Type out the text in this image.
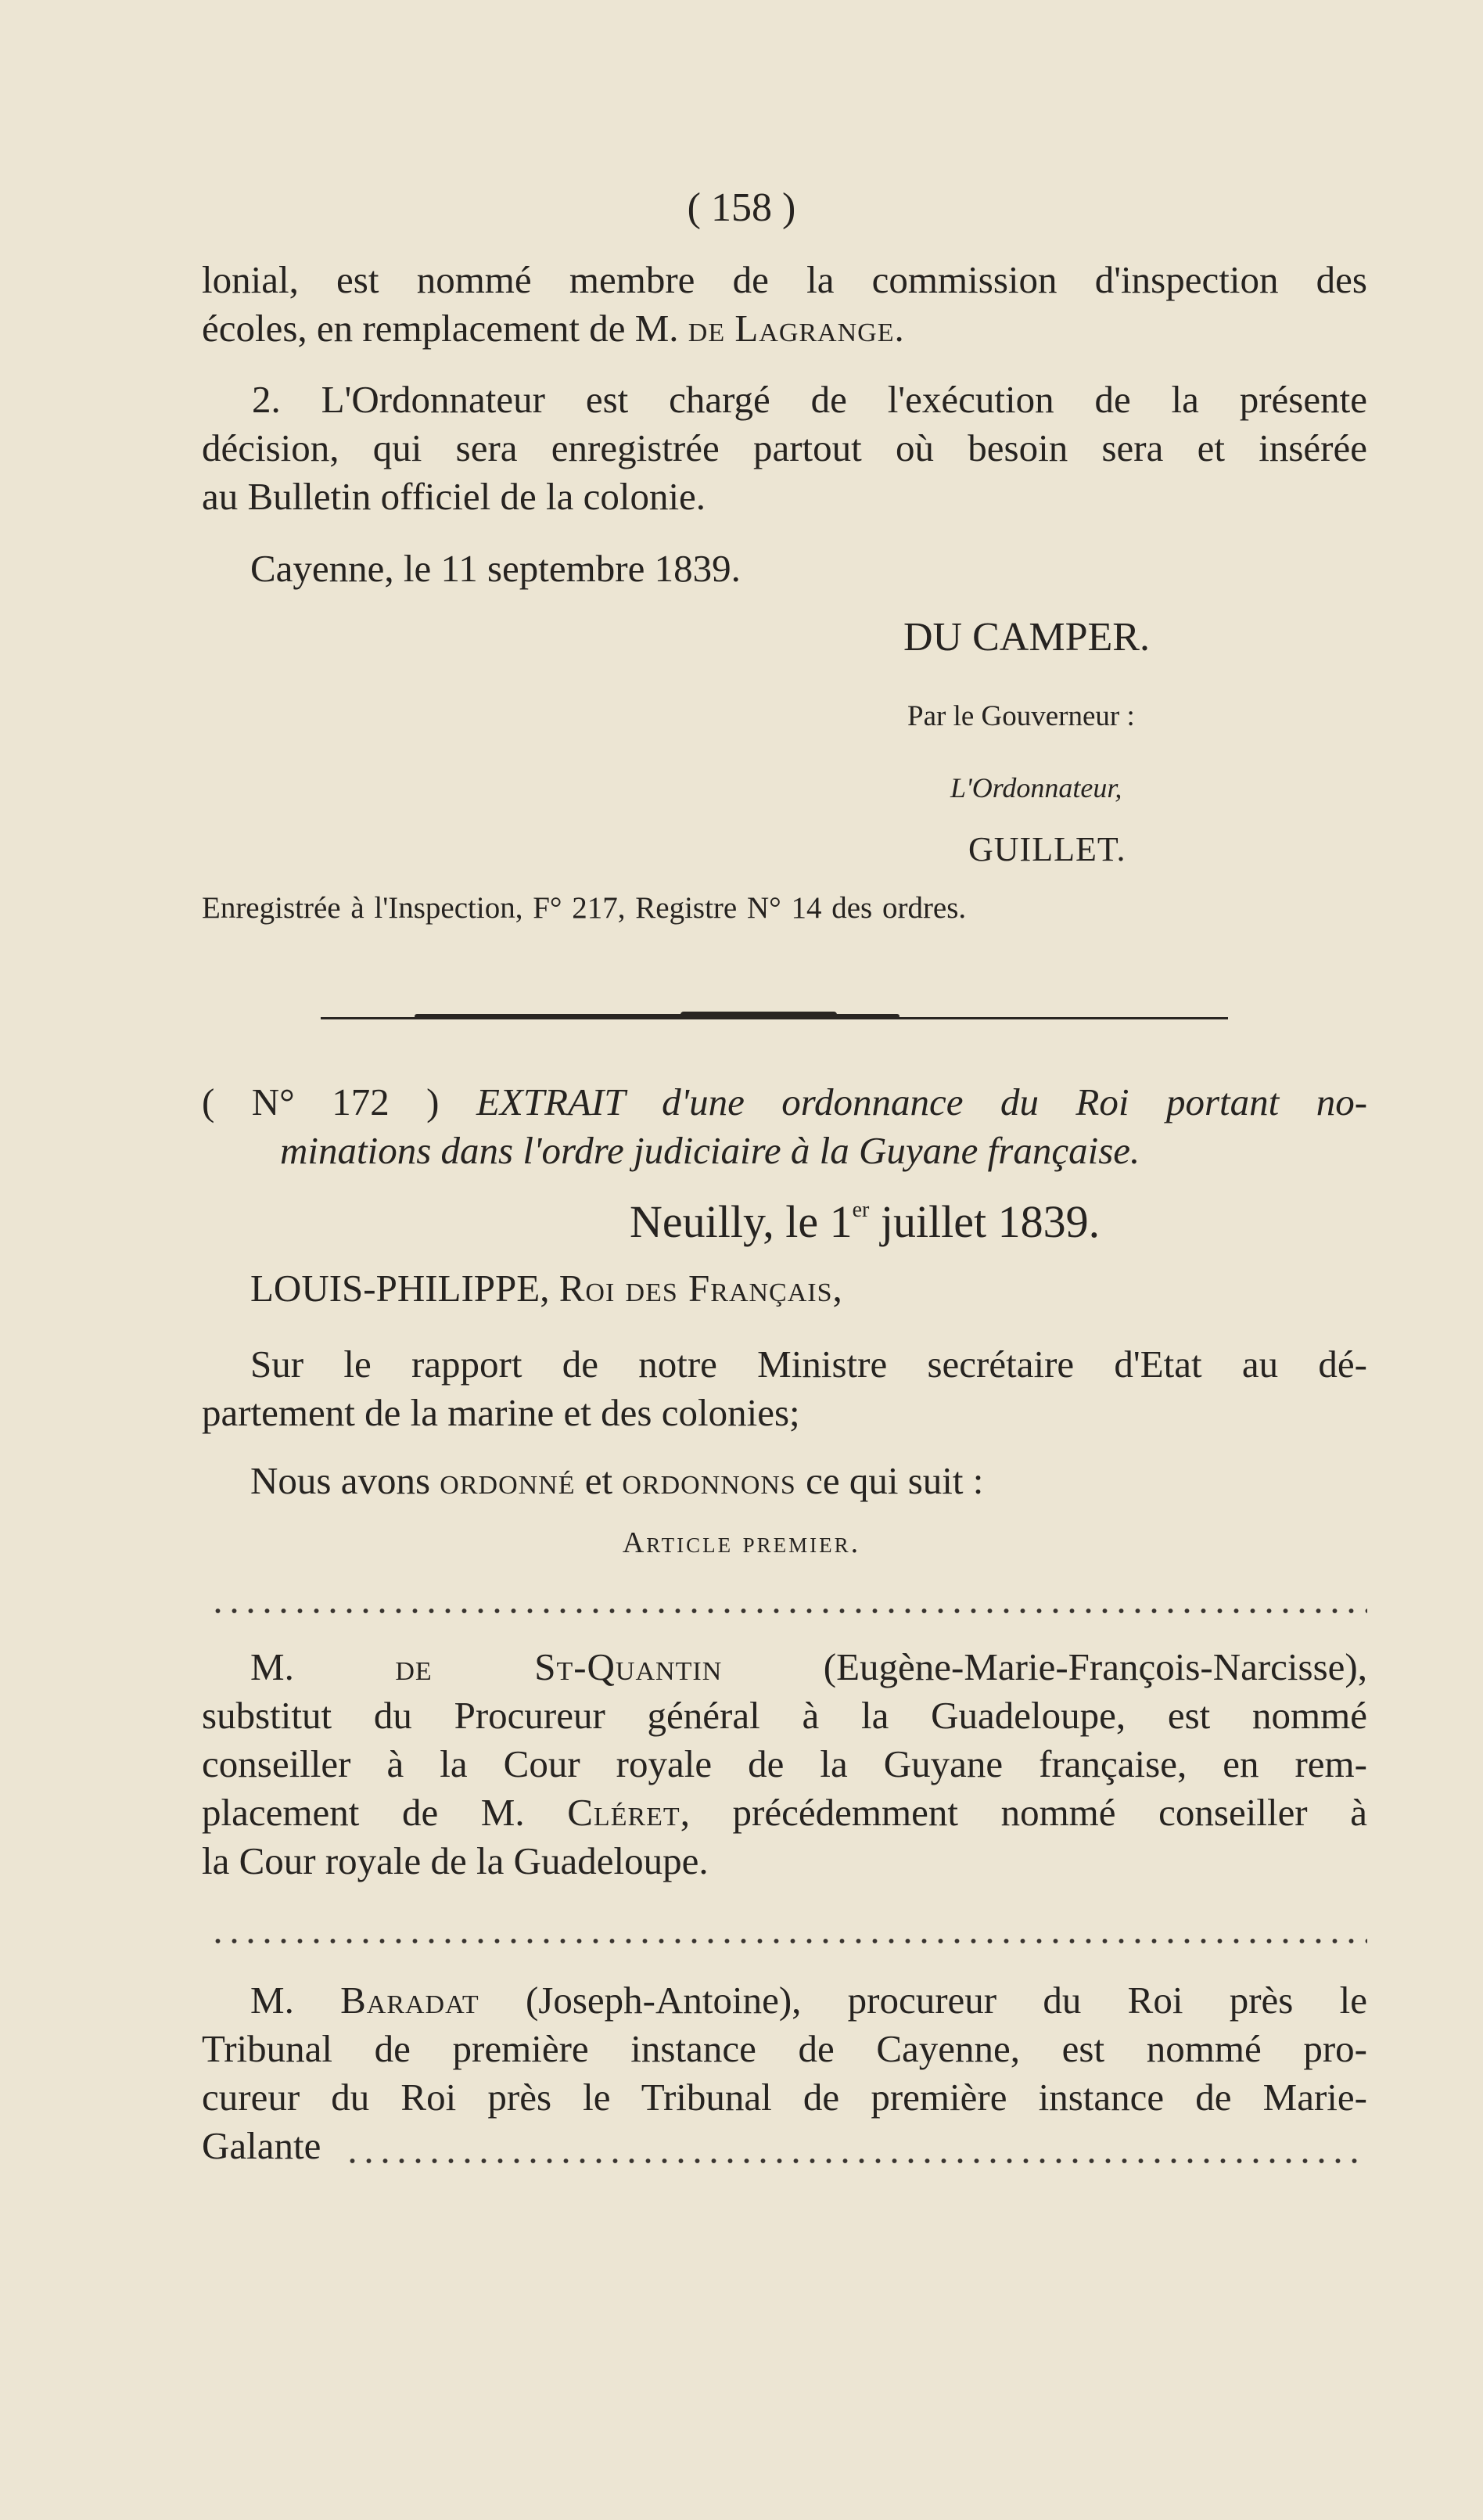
( 158 )

lonial, est nommé membre de la commission d'inspection des

écoles, en remplacement de M. de Lagrange.

2. L'Ordonnateur est chargé de l'exécution de la présente

décision, qui sera enregistrée partout où besoin sera et insérée

au Bulletin officiel de la colonie.

Cayenne, le 11 septembre 1839.
DU CAMPER.
Par le Gouverneur :
L'Ordonnateur,
GUILLET.
Enregistrée à l'Inspection, F° 217, Registre N° 14 des ordres.

( N° 172 ) EXTRAIT d'une ordonnance du Roi portant no-

minations dans l'ordre judiciaire à la Guyane française.

Neuilly, le 1er juillet 1839.
LOUIS-PHILIPPE, Roi des Français,

Sur le rapport de notre Ministre secrétaire d'Etat au dé-

partement de la marine et des colonies;

Nous avons ordonné et ordonnons ce qui suit :
Article premier.

M. de St-Quantin (Eugène-Marie-François-Narcisse),

substitut du Procureur général à la Guadeloupe, est nommé

conseiller à la Cour royale de la Guyane française, en rem-

placement de M. Cléret, précédemment nommé conseiller à

la Cour royale de la Guadeloupe.

M. Baradat (Joseph-Antoine), procureur du Roi près le

Tribunal de première instance de Cayenne, est nommé pro-

cureur du Roi près le Tribunal de première instance de Marie-

Galante
